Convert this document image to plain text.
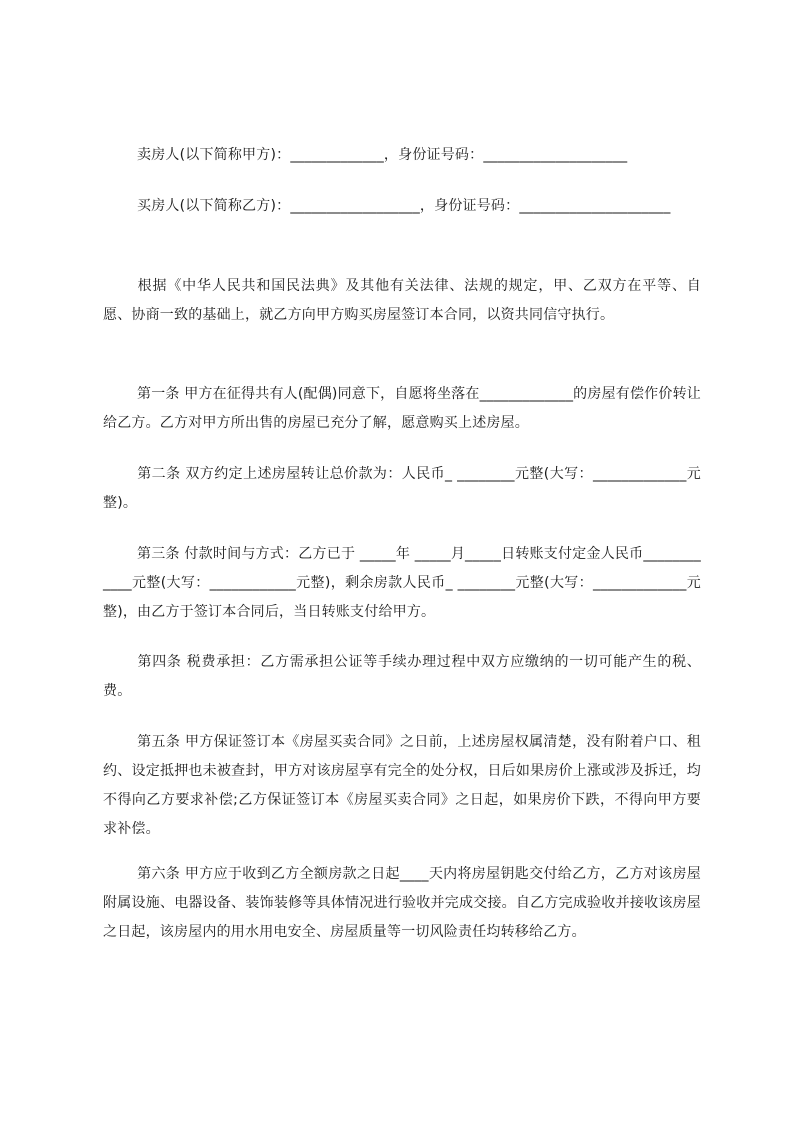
卖房人(以下简称甲方)：_____________，身份证号码：____________________

买房人(以下简称乙方)：__________________，身份证号码：_____________________

根据《中华人民共和国民法典》及其他有关法律、法规的规定，甲、乙双方在平等、自愿、协商一致的基础上，就乙方向甲方购买房屋签订本合同，以资共同信守执行。

第一条 甲方在征得共有人(配偶)同意下，自愿将坐落在_____________的房屋有偿作价转让给乙方。乙方对甲方所出售的房屋已充分了解，愿意购买上述房屋。

第二条 双方约定上述房屋转让总价款为：人民币_ ________元整(大写：_____________元整)。

第三条 付款时间与方式：乙方已于 _____年 _____月_____日转账支付定金人民币____________元整(大写：____________元整)，剩余房款人民币_ ________元整(大写：_____________元整)，由乙方于签订本合同后，当日转账支付给甲方。

第四条 税费承担：乙方需承担公证等手续办理过程中双方应缴纳的一切可能产生的税、费。

第五条 甲方保证签订本《房屋买卖合同》之日前，上述房屋权属清楚，没有附着户口、租约、设定抵押也未被查封，甲方对该房屋享有完全的处分权，日后如果房价上涨或涉及拆迁，均不得向乙方要求补偿;乙方保证签订本《房屋买卖合同》之日起，如果房价下跌，不得向甲方要求补偿。

第六条 甲方应于收到乙方全额房款之日起____天内将房屋钥匙交付给乙方，乙方对该房屋附属设施、电器设备、装饰装修等具体情况进行验收并完成交接。自乙方完成验收并接收该房屋之日起，该房屋内的用水用电安全、房屋质量等一切风险责任均转移给乙方。
